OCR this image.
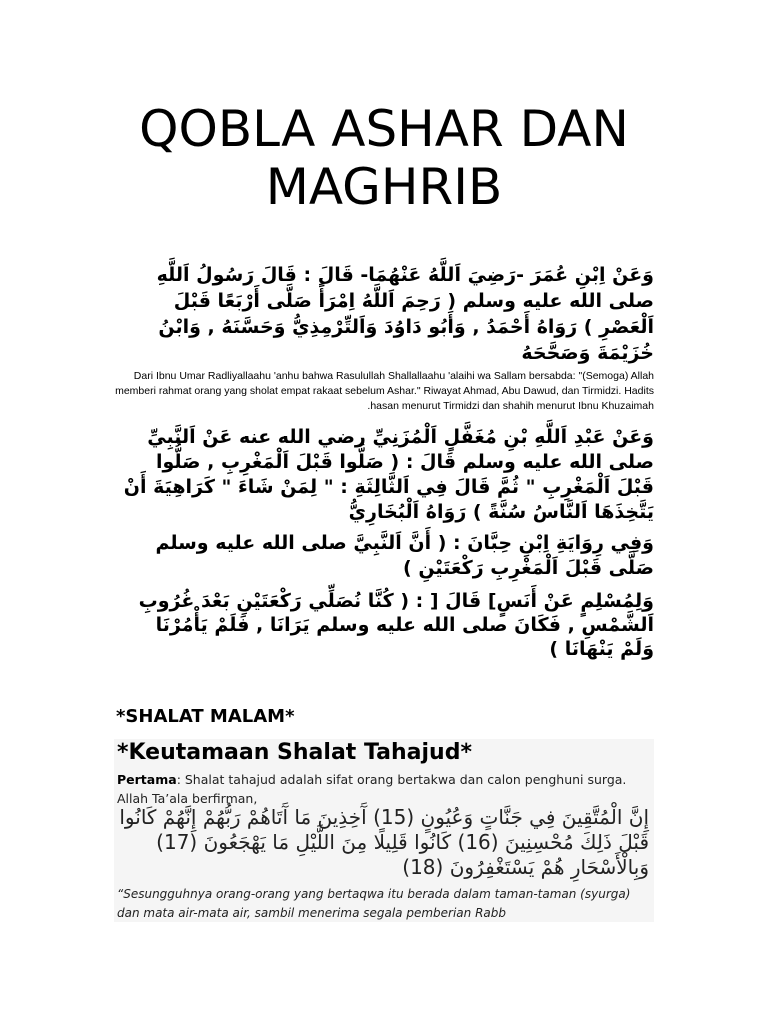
QOBLA ASHAR DAN MAGHRIB
وَعَنْ اِبْنِ عُمَرَ -رَضِيَ اَللَّهُ عَنْهُمَا- قَالَ : قَالَ رَسُولُ اَللَّهِ صلى الله عليه وسلم ( رَحِمَ اَللَّهُ اِمْرَأً صَلَّى أَرْبَعًا قَبْلَ اَلْعَصْرِ ) رَوَاهُ أَحْمَدُ , وَأَبُو دَاوُدَ وَاَلتِّرْمِذِيُّ وَحَسَّنَهُ , وَابْنُ خُزَيْمَةَ وَصَحَّحَهُ
Dari Ibnu Umar Radliyallaahu 'anhu bahwa Rasulullah Shallallaahu 'alaihi wa Sallam bersabda: "(Semoga) Allah memberi rahmat orang yang sholat empat rakaat sebelum Ashar." Riwayat Ahmad, Abu Dawud, dan Tirmidzi. Hadits hasan menurut Tirmidzi dan shahih menurut Ibnu Khuzaimah.
وَعَنْ عَبْدِ اَللَّهِ بْنِ مُغَفَّلٍ اَلْمُزَنِيِّ رضي الله عنه عَنْ اَلنَّبِيِّ صلى الله عليه وسلم قَالَ : ( صَلُّوا قَبْلَ اَلْمَغْرِبِ , صَلُّوا قَبْلَ اَلْمَغْرِبِ " ثُمَّ قَالَ فِي اَلثَّالِثَةِ : " لِمَنْ شَاءَ " كَرَاهِيَةَ أَنْ يَتَّخِذَهَا اَلنَّاسُ سُنَّةً ) رَوَاهُ اَلْبُخَارِيُّ
وَفِي رِوَايَةِ اِبْنِ حِبَّانَ : ( أَنَّ اَلنَّبِيَّ صلى الله عليه وسلم صَلَّى قَبْلَ اَلْمَغْرِبِ رَكْعَتَيْنِ )
وَلِمُسْلِمٍ عَنْ أَنَسٍ] قَالَ [ : ( كُنَّا نُصَلِّي رَكْعَتَيْنِ بَعْدَ غُرُوبِ اَلشَّمْسِ , فَكَانَ صلى الله عليه وسلم يَرَانَا , فَلَمْ يَأْمُرْنَا وَلَمْ يَنْهَانَا )
*SHALAT MALAM*
*Keutamaan Shalat Tahajud*
Pertama: Shalat tahajud adalah sifat orang bertakwa dan calon penghuni surga. Allah Ta’ala berfirman,
إِنَّ الْمُتَّقِينَ فِي جَنَّاتٍ وَعُيُونٍ (15) آَخِذِينَ مَا آَتَاهُمْ رَبُّهُمْ إِنَّهُمْ كَانُوا قَبْلَ ذَلِكَ مُحْسِنِينَ (16) كَانُوا قَلِيلًا مِنَ اللَّيْلِ مَا يَهْجَعُونَ (17) وَبِالْأَسْحَارِ هُمْ يَسْتَغْفِرُونَ (18)
“Sesungguhnya orang-orang yang bertaqwa itu berada dalam taman-taman (syurga) dan mata air-mata air, sambil menerima segala pemberian Rabb
